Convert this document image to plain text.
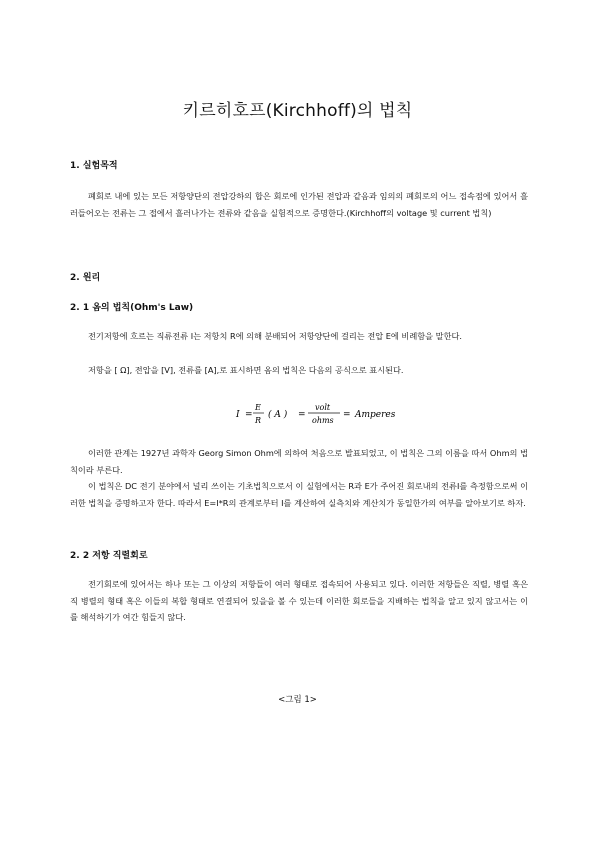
키르히호프(Kirchhoff)의 법칙
1. 실험목적

폐회로 내에 있는 모든 저항양단의 전압강하의 합은 회로에 인가된 전압과 같음과 임의의 폐회로의 어느 접속점에 있어서 흘러들어오는 전류는 그 접에서 흘러나가는 전류와 같음을 실험적으로 증명한다.(Kirchhoff의 voltage 및 current 법칙)

2. 원리
2. 1 옴의 법칙(Ohm's Law)

전기저항에 흐르는 직류전류 I는 저항치 R에 의해 분배되어 저항양단에 걸리는 전압 E에 비례함을 말한다.

저항을 [ Ω], 전압을 [V], 전류를 [A],로 표시하면 옴의 법칙은 다음의 공식으로 표시된다.

I =
E
R
( A ) =
volt
ohms
= Amperes

이러한 관계는 1927년 과학자 Georg Simon Ohm에 의하여 처음으로 발표되었고, 이 법칙은 그의 이름을 따서 Ohm의 법칙이라 부른다.

이 법칙은 DC 전기 분야에서 널리 쓰이는 기초법칙으로서 이 실험에서는 R과 E가 주어진 회로내의 전류I를 측정함으로써 이러한 법칙을 증명하고자 한다. 따라서 E=I*R의 관계로부터 I를 계산하여 실측치와 계산치가 동일한가의 여부를 알아보기로 하자.

2. 2 저항 직렬회로

전기회로에 있어서는 하나 또는 그 이상의 저항들이 여러 형태로 접속되어 사용되고 있다. 이러한 저항들은 직렬, 병렬 혹은 직 병렬의 형태 혹은 이들의 복합 형태로 연결되어 있을을 볼 수 있는데 이러한 회로들을 지배하는 법칙을 알고 있지 않고서는 이를 해석하기가 여간 힘들지 않다.

<그림 1>
